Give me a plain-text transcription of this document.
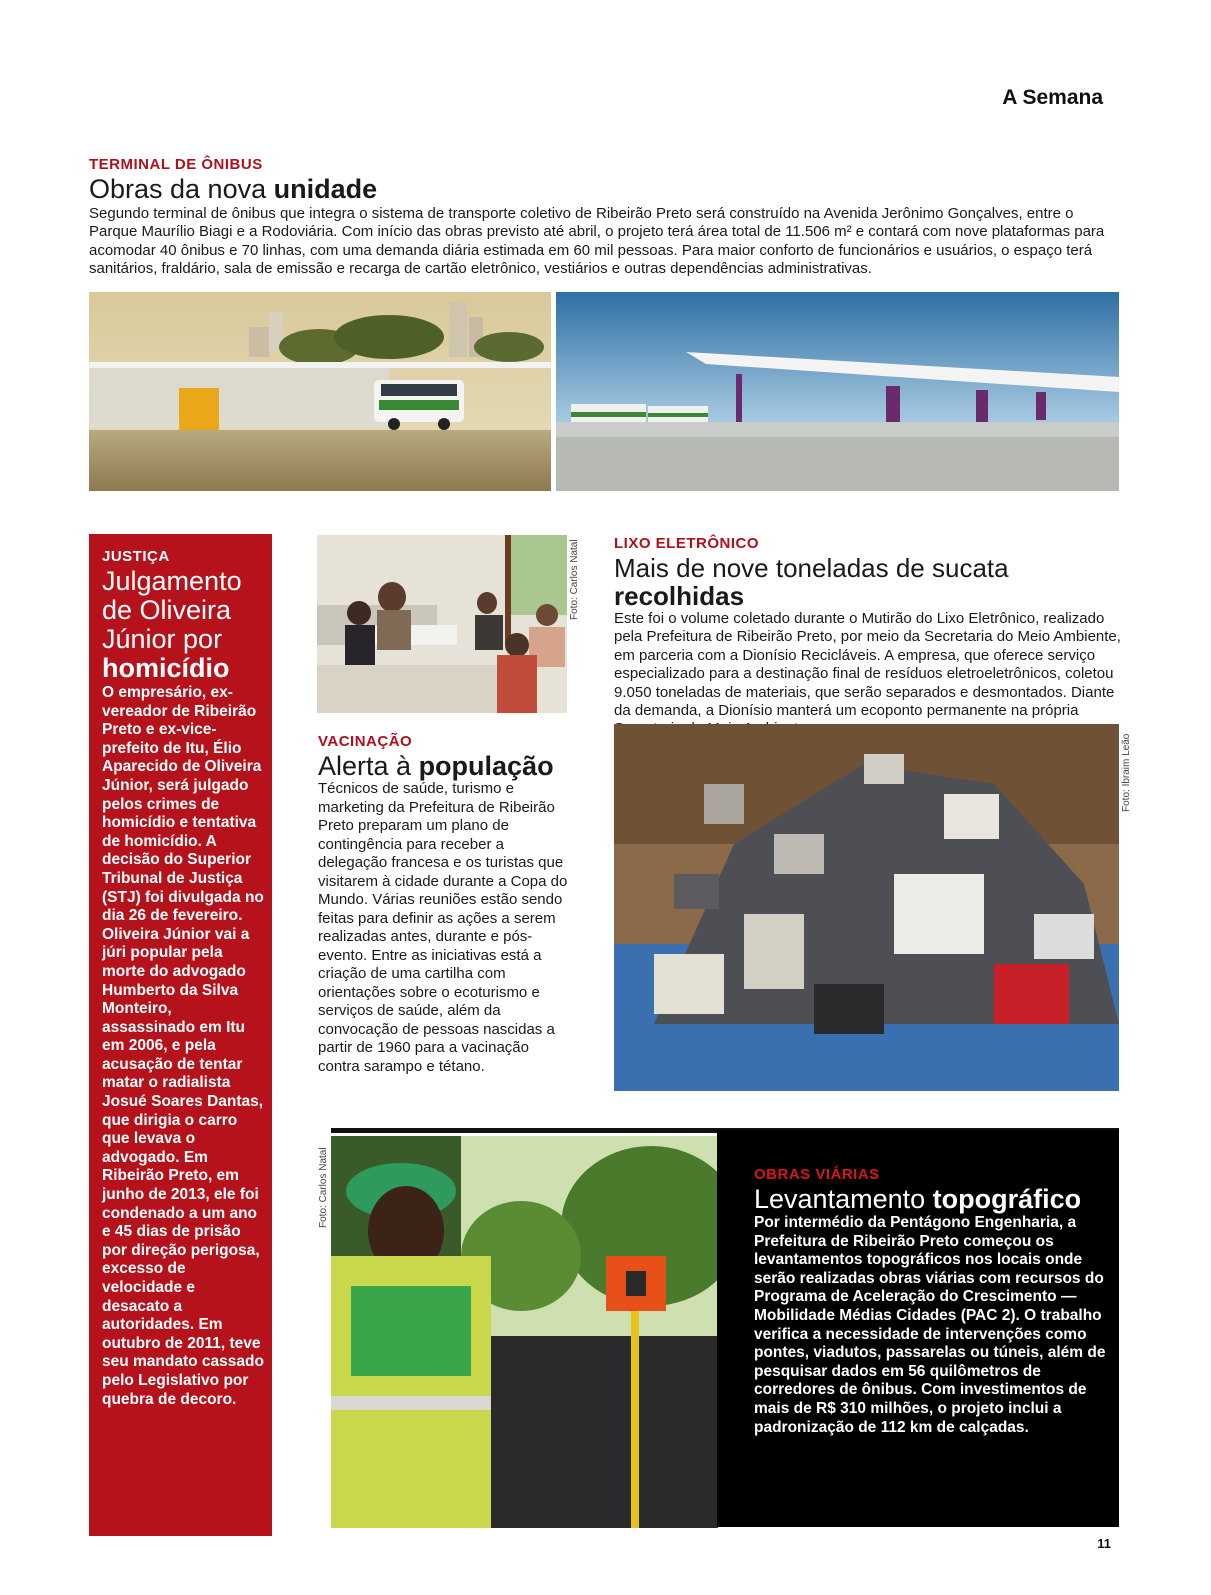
A Semana
TERMINAL DE ÔNIBUS
Obras da nova unidade
Segundo terminal de ônibus que integra o sistema de transporte coletivo de Ribeirão Preto será construído na Avenida Jerônimo Gonçalves, entre o Parque Maurílio Biagi e a Rodoviária. Com início das obras previsto até abril, o projeto terá área total de 11.506 m² e contará com nove plataformas para acomodar 40 ônibus e 70 linhas, com uma demanda diária estimada em 60 mil pessoas. Para maior conforto de funcionários e usuários, o espaço terá sanitários, fraldário, sala de emissão e recarga de cartão eletrônico, vestiários e outras dependências administrativas.
JUSTIÇA
Julgamento de Oliveira Júnior por homicídio
O empresário, ex-vereador de Ribeirão Preto e ex-vice-prefeito de Itu, Élio Aparecido de Oliveira Júnior, será julgado pelos crimes de homicídio e tentativa de homicídio. A decisão do Superior Tribunal de Justiça (STJ) foi divulgada no dia 26 de fevereiro. Oliveira Júnior vai a júri popular pela morte do advogado Humberto da Silva Monteiro, assassinado em Itu em 2006, e pela acusação de tentar matar o radialista Josué Soares Dantas, que dirigia o carro que levava o advogado. Em Ribeirão Preto, em junho de 2013, ele foi condenado a um ano e 45 dias de prisão por direção perigosa, excesso de velocidade e desacato a autoridades. Em outubro de 2011, teve seu mandato cassado pelo Legislativo por quebra de decoro.
Foto: Carlos Natal
VACINAÇÃO
Alerta à população
Técnicos de saúde, turismo e marketing da Prefeitura de Ribeirão Preto preparam um plano de contingência para receber a delegação francesa e os turistas que visitarem à cidade durante a Copa do Mundo. Várias reuniões estão sendo feitas para definir as ações a serem realizadas antes, durante e pós-evento. Entre as iniciativas está a criação de uma cartilha com orientações sobre o ecoturismo e serviços de saúde, além da convocação de pessoas nascidas a partir de 1960 para a vacinação contra sarampo e tétano.
LIXO ELETRÔNICO
Mais de nove toneladas de sucata recolhidas
Este foi o volume coletado durante o Mutirão do Lixo Eletrônico, realizado pela Prefeitura de Ribeirão Preto, por meio da Secretaria do Meio Ambiente, em parceria com a Dionísio Recicláveis. A empresa, que oferece serviço especializado para a destinação final de resíduos eletroeletrônicos, coletou 9.050 toneladas de materiais, que serão separados e desmontados. Diante da demanda, a Dionísio manterá um ecoponto permanente na própria
Foto: Ibraim Leão
Foto: Carlos Natal	OBRAS VIÁRIAS
Levantamento topográfico
Por intermédio da Pentágono Engenharia, a Prefeitura de Ribeirão Preto começou os levantamentos topográficos nos locais onde serão realizadas obras viárias com recursos do Programa de Aceleração do Crescimento — Mobilidade Médias Cidades (PAC 2). O trabalho verifica a necessidade de intervenções como pontes, viadutos, passarelas ou túneis, além de pesquisar dados em 56 quilômetros de corredores de ônibus. Com investimentos de mais de R$ 310 milhões, o projeto inclui a padronização de 112 km de calçadas.
11
